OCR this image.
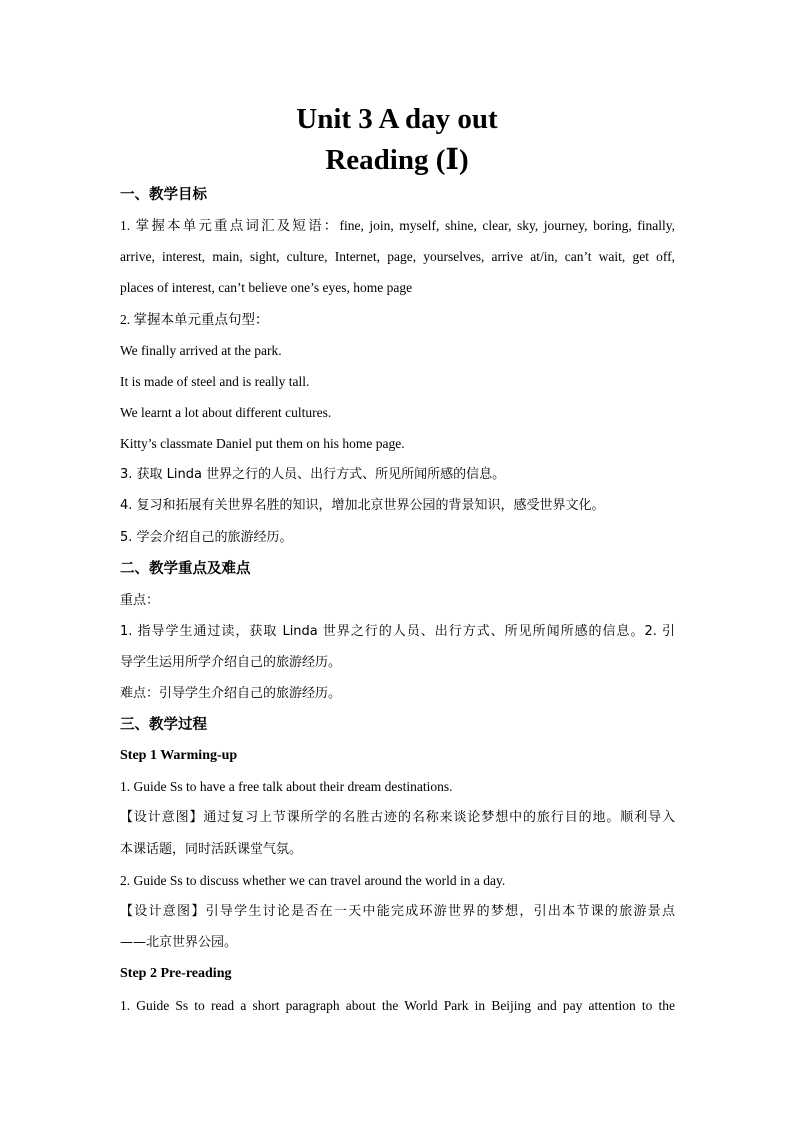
Unit 3 A day out
Reading (Ⅰ)
一、教学目标
1. 掌握本单元重点词汇及短语：fine, join, myself, shine, clear, sky, journey, boring, finally,
arrive, interest, main, sight, culture, Internet, page, yourselves, arrive at/in, can’t wait, get off,
places of interest, can’t believe one’s eyes, home page
2. 掌握本单元重点句型：
We finally arrived at the park.
It is made of steel and is really tall.
We learnt a lot about different cultures.
Kitty’s classmate Daniel put them on his home page.
3. 获取 Linda 世界之行的人员、出行方式、所见所闻所感的信息。
4. 复习和拓展有关世界名胜的知识，增加北京世界公园的背景知识，感受世界文化。
5. 学会介绍自己的旅游经历。
二、教学重点及难点
重点：
1. 指导学生通过读，获取 Linda 世界之行的人员、出行方式、所见所闻所感的信息。2. 引
导学生运用所学介绍自己的旅游经历。
难点：引导学生介绍自己的旅游经历。
三、教学过程
Step 1 Warming-up
1. Guide Ss to have a free talk about their dream destinations.
【设计意图】通过复习上节课所学的名胜古迹的名称来谈论梦想中的旅行目的地。顺利导入
本课话题，同时活跃课堂气氛。
2. Guide Ss to discuss whether we can travel around the world in a day.
【设计意图】引导学生讨论是否在一天中能完成环游世界的梦想，引出本节课的旅游景点
——北京世界公园。
Step 2 Pre-reading
1. Guide Ss to read a short paragraph about the World Park in Beijing and pay attention to the
